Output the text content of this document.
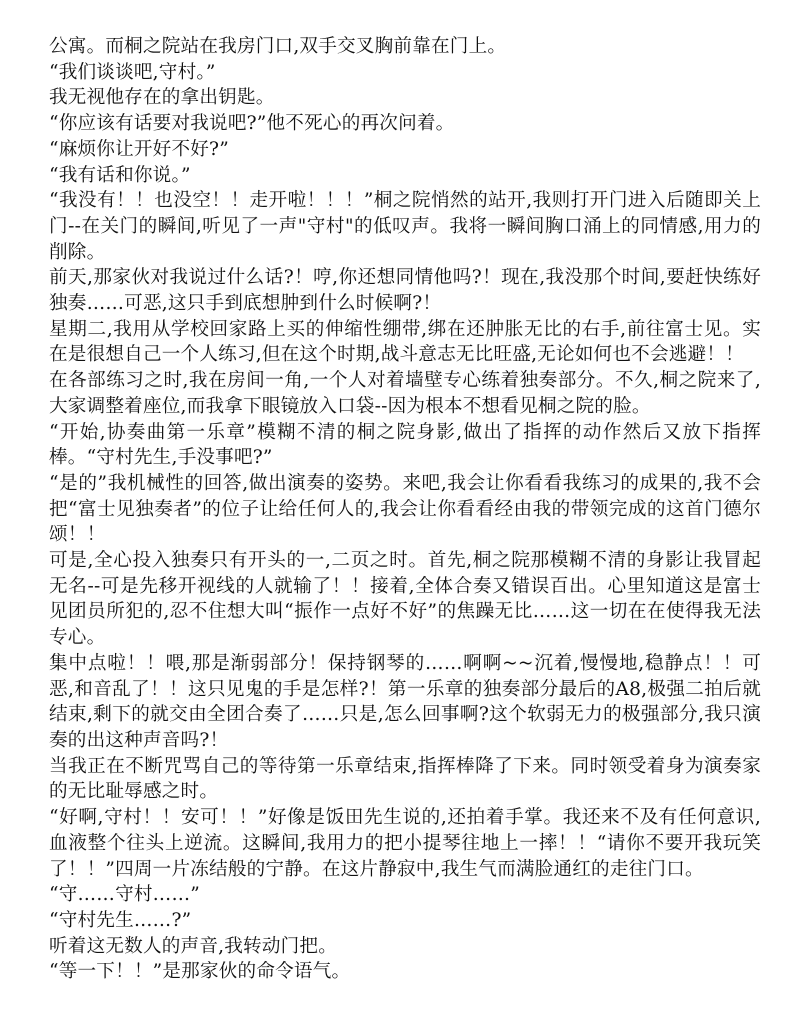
公寓。而桐之院站在我房门口,双手交叉胸前靠在门上。

“我们谈谈吧,守村。”

我无视他存在的拿出钥匙。

“你应该有话要对我说吧?”他不死心的再次问着。

“麻烦你让开好不好?”

“我有话和你说。”

“我没有！！也没空！！走开啦！！！”桐之院悄然的站开,我则打开门进入后随即关上门--在关门的瞬间,听见了一声"守村"的低叹声。我将一瞬间胸口涌上的同情感,用力的削除。

前天,那家伙对我说过什么话?！哼,你还想同情他吗?！现在,我没那个时间,要赶快练好独奏……可恶,这只手到底想肿到什么时候啊?！

星期二,我用从学校回家路上买的伸缩性绷带,绑在还肿胀无比的右手,前往富士见。实在是很想自己一个人练习,但在这个时期,战斗意志无比旺盛,无论如何也不会逃避！！

在各部练习之时,我在房间一角,一个人对着墙壁专心练着独奏部分。不久,桐之院来了,大家调整着座位,而我拿下眼镜放入口袋--因为根本不想看见桐之院的脸。

“开始,协奏曲第一乐章”模糊不清的桐之院身影,做出了指挥的动作然后又放下指挥棒。“守村先生,手没事吧?”

“是的”我机械性的回答,做出演奏的姿势。来吧,我会让你看看我练习的成果的,我不会把“富士见独奏者”的位子让给任何人的,我会让你看看经由我的带领完成的这首门德尔颂！！

可是,全心投入独奏只有开头的一,二页之时。首先,桐之院那模糊不清的身影让我冒起无名--可是先移开视线的人就输了！！接着,全体合奏又错误百出。心里知道这是富士见团员所犯的,忍不住想大叫“振作一点好不好”的焦躁无比……这一切在在使得我无法专心。

集中点啦！！喂,那是渐弱部分！保持钢琴的……啊啊~~沉着,慢慢地,稳静点！！可恶,和音乱了！！这只见鬼的手是怎样?！第一乐章的独奏部分最后的A8,极强二拍后就结束,剩下的就交由全团合奏了……只是,怎么回事啊?这个软弱无力的极强部分,我只演奏的出这种声音吗?！

当我正在不断咒骂自己的等待第一乐章结束,指挥棒降了下来。同时领受着身为演奏家的无比耻辱感之时。

“好啊,守村！！安可！！”好像是饭田先生说的,还拍着手掌。我还来不及有任何意识,血液整个往头上逆流。这瞬间,我用力的把小提琴往地上一摔！！“请你不要开我玩笑了！！”四周一片冻结般的宁静。在这片静寂中,我生气而满脸通红的走往门口。

“守……守村……”

“守村先生……?”

听着这无数人的声音,我转动门把。

“等一下！！”是那家伙的命令语气。
